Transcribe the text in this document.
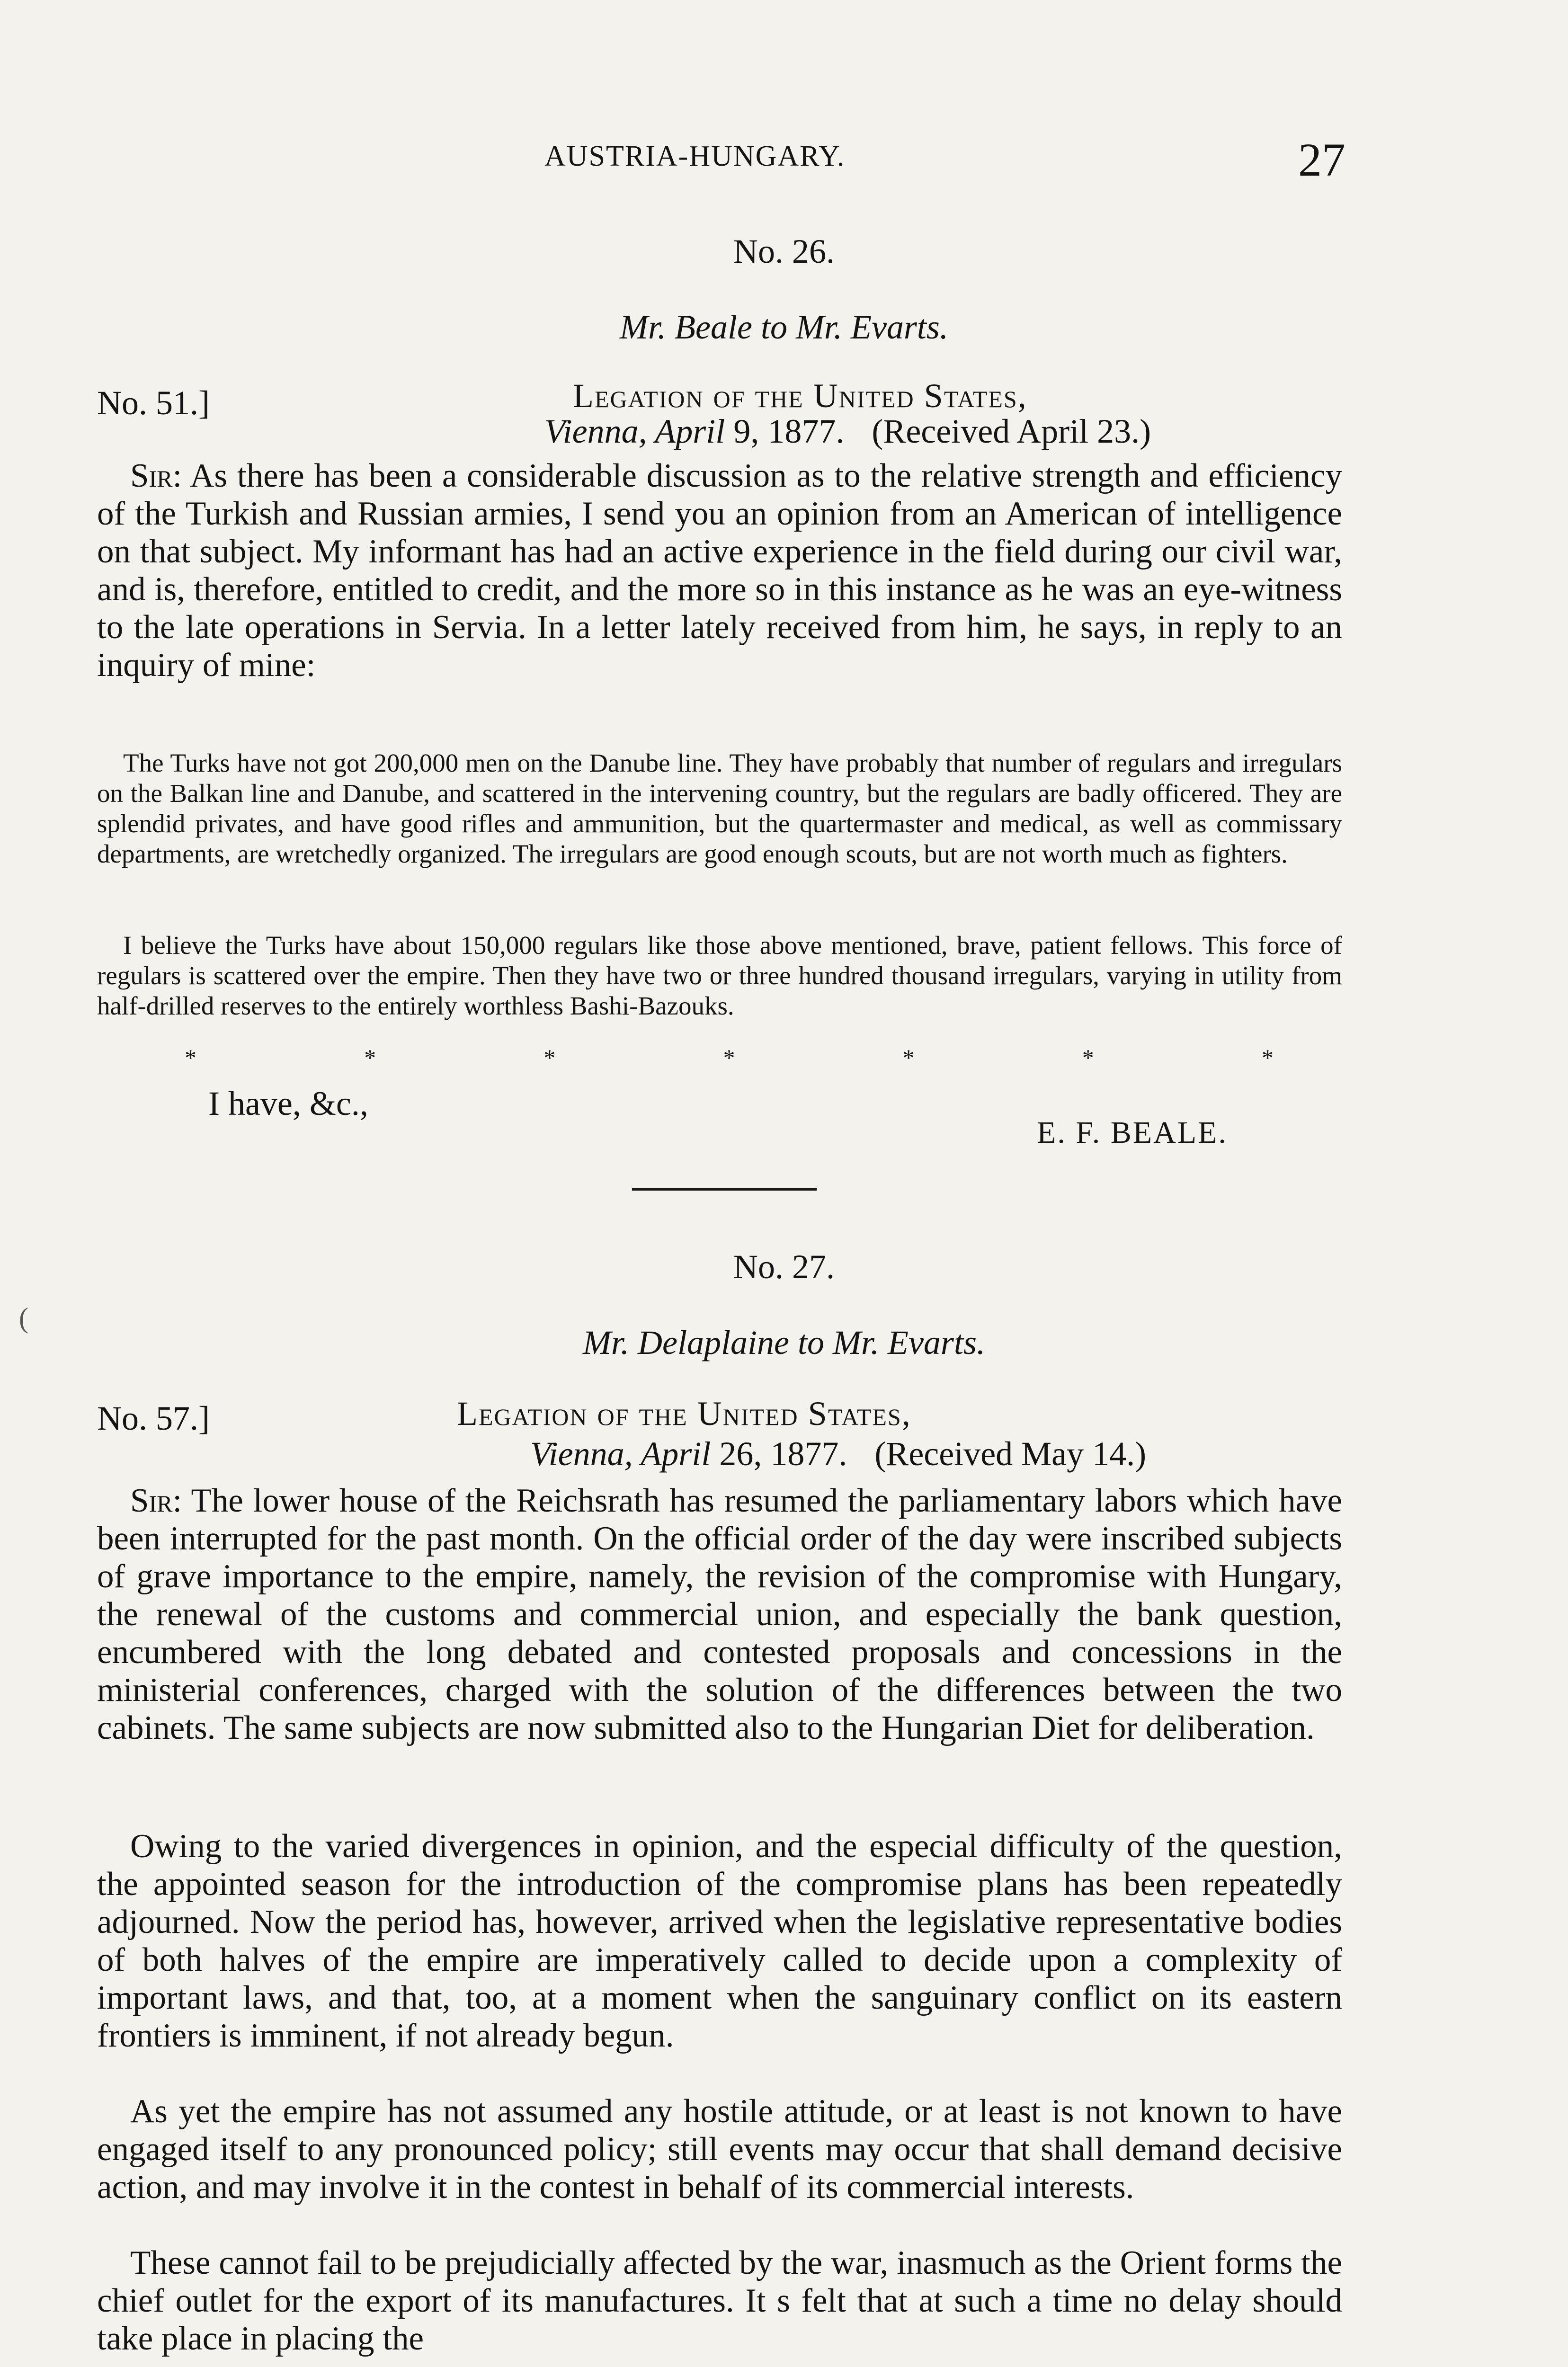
AUSTRIA-HUNGARY.	27
No. 26.
Mr. Beale to Mr. Evarts.
No. 51.]	Legation of the United States,
Vienna, April 9, 1877. (Received April 23.)

Sir: As there has been a considerable discussion as to the relative strength and efficiency of the Turkish and Russian armies, I send you an opinion from an American of intelligence on that subject. My informant has had an active experience in the field during our civil war, and is, therefore, entitled to credit, and the more so in this instance as he was an eye-witness to the late operations in Servia. In a letter lately received from him, he says, in reply to an inquiry of mine:

The Turks have not got 200,000 men on the Danube line. They have probably that number of regulars and irregulars on the Balkan line and Danube, and scattered in the intervening country, but the regulars are badly officered. They are splendid privates, and have good rifles and ammunition, but the quartermaster and medical, as well as commissary departments, are wretchedly organized. The irregulars are good enough scouts, but are not worth much as fighters.

I believe the Turks have about 150,000 regulars like those above mentioned, brave, patient fellows. This force of regulars is scattered over the empire. Then they have two or three hundred thousand irregulars, varying in utility from half-drilled reserves to the entirely worthless Bashi-Bazouks.

*	*	*	*	*	*	*
I have, &c.,
E. F. BEALE.
No. 27.
Mr. Delaplaine to Mr. Evarts.
No. 57.]	Legation of the United States,
Vienna, April 26, 1877. (Received May 14.)

Sir: The lower house of the Reichsrath has resumed the parliamentary labors which have been interrupted for the past month. On the official order of the day were inscribed subjects of grave importance to the empire, namely, the revision of the compromise with Hungary, the renewal of the customs and commercial union, and especially the bank question, encumbered with the long debated and contested proposals and concessions in the ministerial conferences, charged with the solution of the differences between the two cabinets. The same subjects are now submitted also to the Hungarian Diet for deliberation.

Owing to the varied divergences in opinion, and the especial difficulty of the question, the appointed season for the introduction of the compromise plans has been repeatedly adjourned. Now the period has, however, arrived when the legislative representative bodies of both halves of the empire are imperatively called to decide upon a complexity of important laws, and that, too, at a moment when the sanguinary conflict on its eastern frontiers is imminent, if not already begun.

As yet the empire has not assumed any hostile attitude, or at least is not known to have engaged itself to any pronounced policy; still events may occur that shall demand decisive action, and may involve it in the contest in behalf of its commercial interests.

These cannot fail to be prejudicially affected by the war, inasmuch as the Orient forms the chief outlet for the export of its manufactures. It s felt that at such a time no delay should take place in placing the

(
